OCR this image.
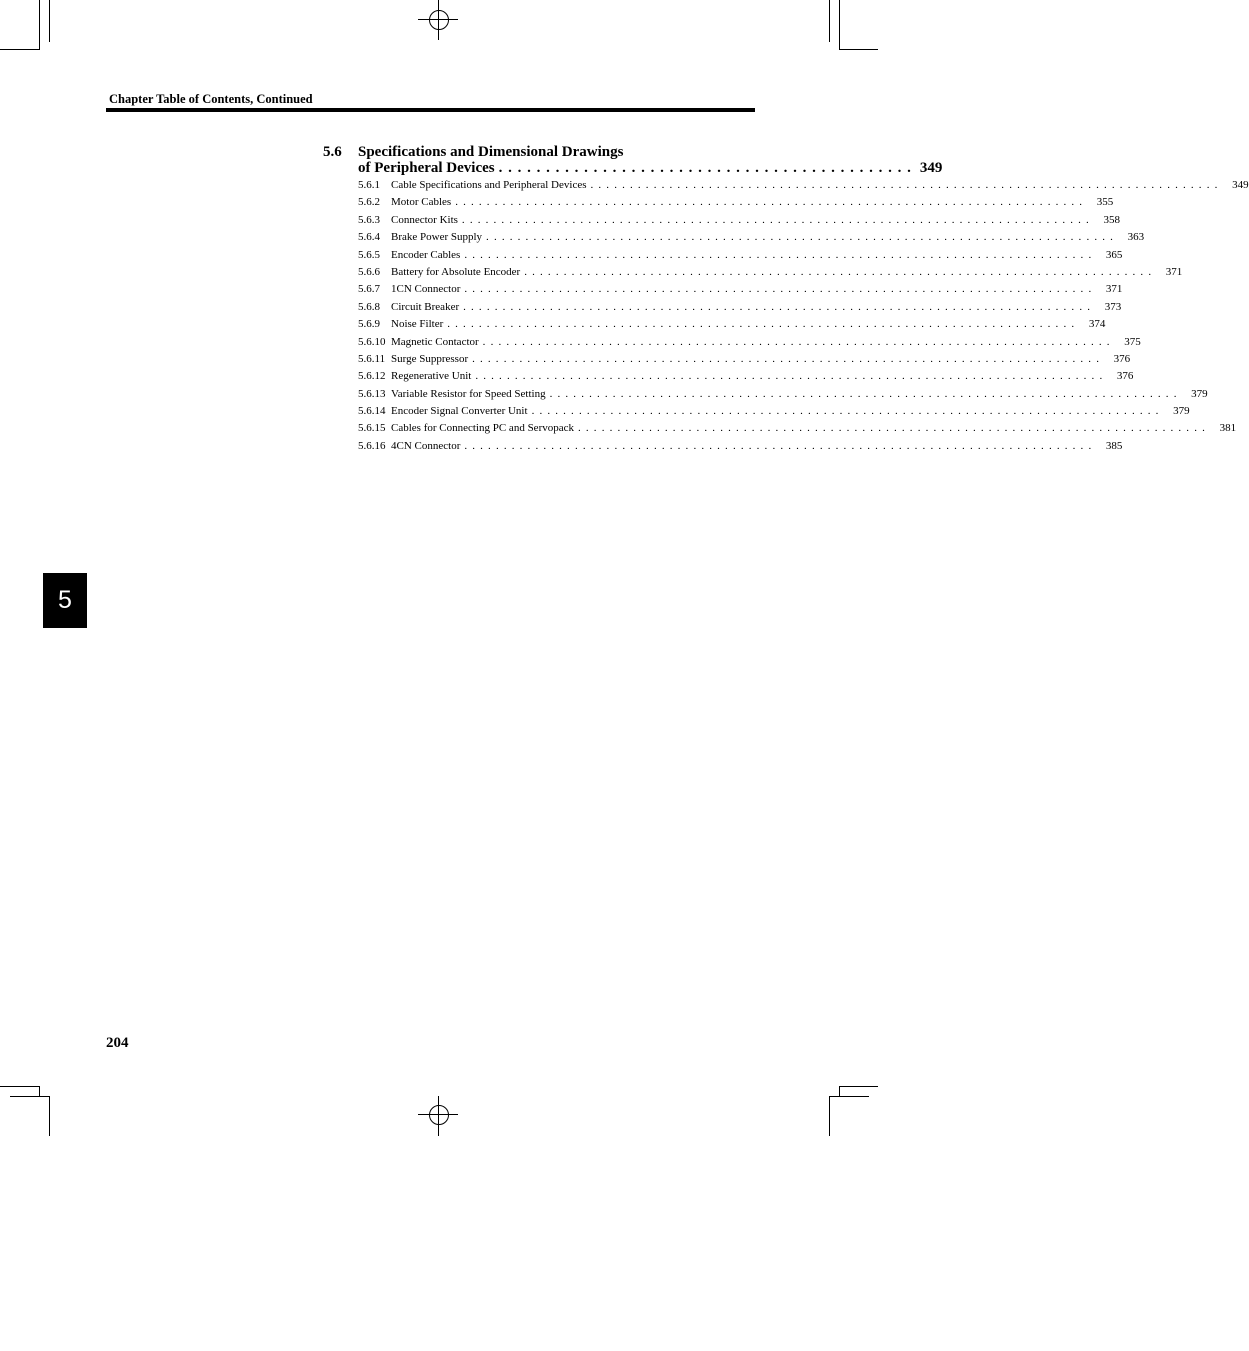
Chapter Table of Contents, Continued
5.6 Specifications and Dimensional Drawings
of Peripheral Devices . . . . . . . . . . . . . . . . . . . . . . . . . . . . . . . . . . . . . . . . . . . . 349
5.6.1	Cable Specifications and Peripheral Devices . . . . . . . . . . . . . . . . . . . . . . . . . . . . . . . . . . . . . . . . . . . . . . . . . . . . . . . . . . . . . . . . . . . . . . . . . . . . . . . .	349
5.6.2	Motor Cables . . . . . . . . . . . . . . . . . . . . . . . . . . . . . . . . . . . . . . . . . . . . . . . . . . . . . . . . . . . . . . . . . . . . . . . . . . . . . . . .	355
5.6.3	Connector Kits . . . . . . . . . . . . . . . . . . . . . . . . . . . . . . . . . . . . . . . . . . . . . . . . . . . . . . . . . . . . . . . . . . . . . . . . . . . . . . . .	358
5.6.4	Brake Power Supply . . . . . . . . . . . . . . . . . . . . . . . . . . . . . . . . . . . . . . . . . . . . . . . . . . . . . . . . . . . . . . . . . . . . . . . . . . . . . . . .	363
5.6.5	Encoder Cables . . . . . . . . . . . . . . . . . . . . . . . . . . . . . . . . . . . . . . . . . . . . . . . . . . . . . . . . . . . . . . . . . . . . . . . . . . . . . . . .	365
5.6.6	Battery for Absolute Encoder . . . . . . . . . . . . . . . . . . . . . . . . . . . . . . . . . . . . . . . . . . . . . . . . . . . . . . . . . . . . . . . . . . . . . . . . . . . . . . . .	371
5.6.7	1CN Connector . . . . . . . . . . . . . . . . . . . . . . . . . . . . . . . . . . . . . . . . . . . . . . . . . . . . . . . . . . . . . . . . . . . . . . . . . . . . . . . .	371
5.6.8	Circuit Breaker . . . . . . . . . . . . . . . . . . . . . . . . . . . . . . . . . . . . . . . . . . . . . . . . . . . . . . . . . . . . . . . . . . . . . . . . . . . . . . . .	373
5.6.9	Noise Filter . . . . . . . . . . . . . . . . . . . . . . . . . . . . . . . . . . . . . . . . . . . . . . . . . . . . . . . . . . . . . . . . . . . . . . . . . . . . . . . .	374
5.6.10 Magnetic Contactor . . . . . . . . . . . . . . . . . . . . . . . . . . . . . . . . . . . . . . . . . . . . . . . . . . . . . . . . . . . . . . . . . . . . . . . . . . . . . . . .	375
5.6.11 Surge Suppressor . . . . . . . . . . . . . . . . . . . . . . . . . . . . . . . . . . . . . . . . . . . . . . . . . . . . . . . . . . . . . . . . . . . . . . . . . . . . . . . .	376
5.6.12 Regenerative Unit . . . . . . . . . . . . . . . . . . . . . . . . . . . . . . . . . . . . . . . . . . . . . . . . . . . . . . . . . . . . . . . . . . . . . . . . . . . . . . . .	376
5.6.13 Variable Resistor for Speed Setting . . . . . . . . . . . . . . . . . . . . . . . . . . . . . . . . . . . . . . . . . . . . . . . . . . . . . . . . . . . . . . . . . . . . . . . . . . . . . . . .	379
5.6.14 Encoder Signal Converter Unit . . . . . . . . . . . . . . . . . . . . . . . . . . . . . . . . . . . . . . . . . . . . . . . . . . . . . . . . . . . . . . . . . . . . . . . . . . . . . . . .	379
5.6.15 Cables for Connecting PC and Servopack . . . . . . . . . . . . . . . . . . . . . . . . . . . . . . . . . . . . . . . . . . . . . . . . . . . . . . . . . . . . . . . . . . . . . . . . . . . . . . . .	381
5.6.16 4CN Connector . . . . . . . . . . . . . . . . . . . . . . . . . . . . . . . . . . . . . . . . . . . . . . . . . . . . . . . . . . . . . . . . . . . . . . . . . . . . . . . .	385
5
204
